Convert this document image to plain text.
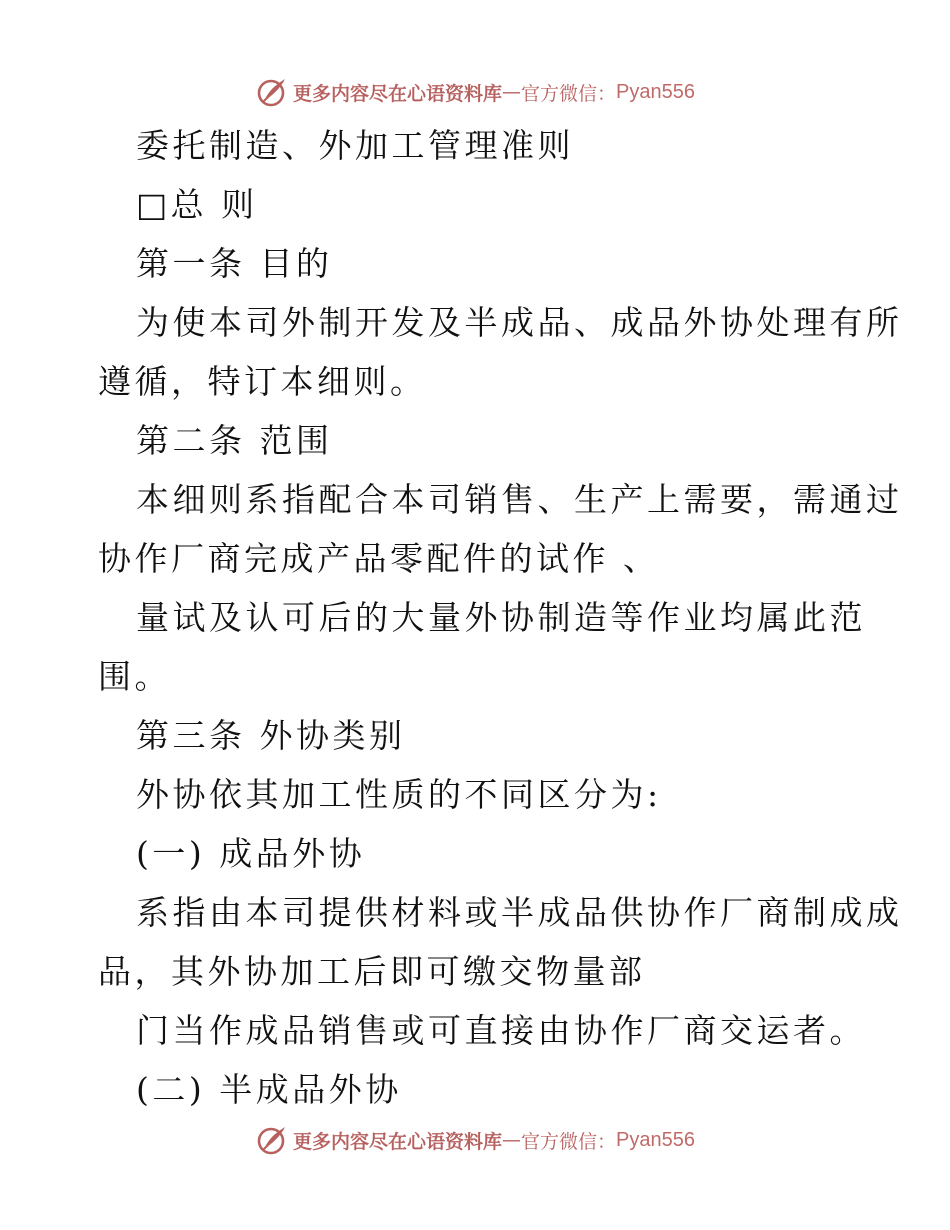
更多内容尽在心语资料库 — 官方微信： Pyan556
委托制造、外加工管理准则
□总 则
第一条 目的
为使本司外制开发及半成品、成品外协处理有所
遵循，特订本细则。
第二条 范围
本细则系指配合本司销售、生产上需要，需通过
协作厂商完成产品零配件的试作 、
量试及认可后的大量外协制造等作业均属此范
围。
第三条 外协类别
外协依其加工性质的不同区分为:
(一) 成品外协
系指由本司提供材料或半成品供协作厂商制成成
品，其外协加工后即可缴交物量部
门当作成品销售或可直接由协作厂商交运者。
(二) 半成品外协
更多内容尽在心语资料库 — 官方微信： Pyan556
